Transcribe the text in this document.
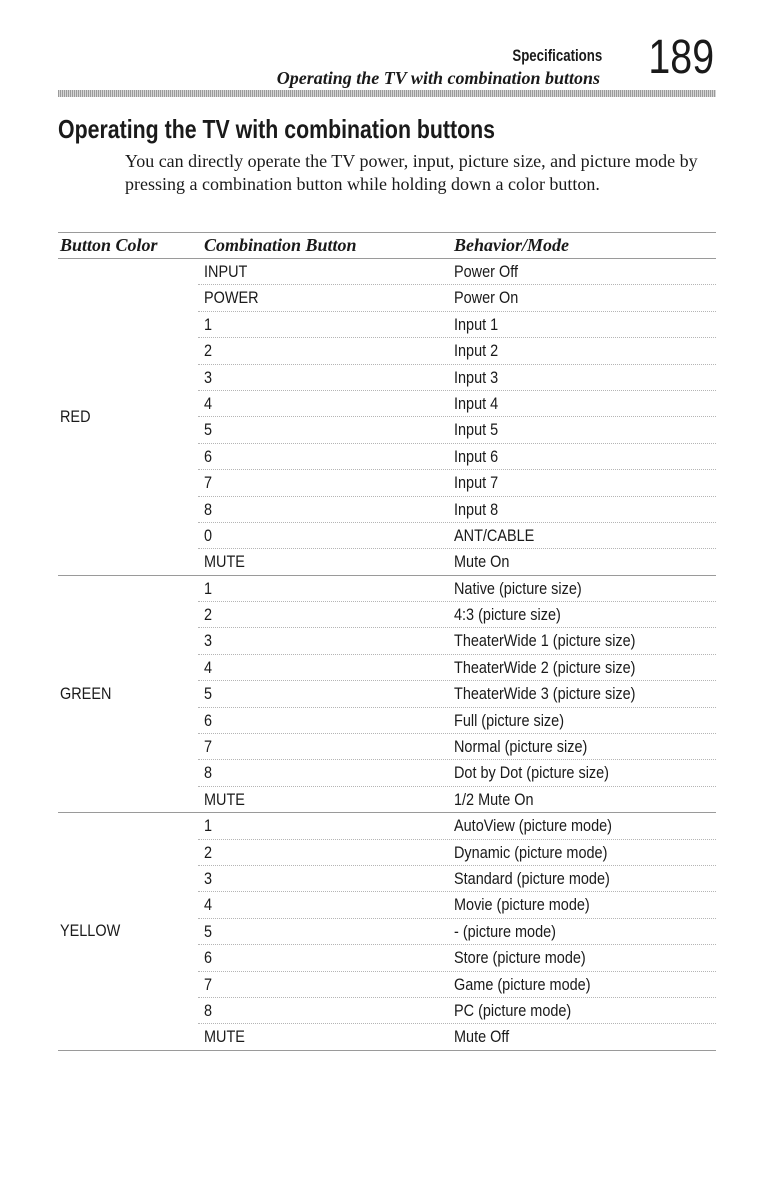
Specifications
Operating the TV with combination buttons 189
Operating the TV with combination buttons
You can directly operate the TV power, input, picture size, and picture mode by pressing a combination button while holding down a color button.
Button Color	Combination Button	Behavior/Mode
RED
INPUT	Power Off
POWER	Power On
1	Input 1
2	Input 2
3	Input 3
4	Input 4
5	Input 5
6	Input 6
7	Input 7
8	Input 8
0	ANT/CABLE
MUTE	Mute On
GREEN
1	Native (picture size)
2	4:3 (picture size)
3	TheaterWide 1 (picture size)
4	TheaterWide 2 (picture size)
5	TheaterWide 3 (picture size)
6	Full (picture size)
7	Normal (picture size)
8	Dot by Dot (picture size)
MUTE	1/2 Mute On
YELLOW
1	AutoView (picture mode)
2	Dynamic (picture mode)
3	Standard (picture mode)
4	Movie (picture mode)
5	- (picture mode)
6	Store (picture mode)
7	Game (picture mode)
8	PC (picture mode)
MUTE	Mute Off
